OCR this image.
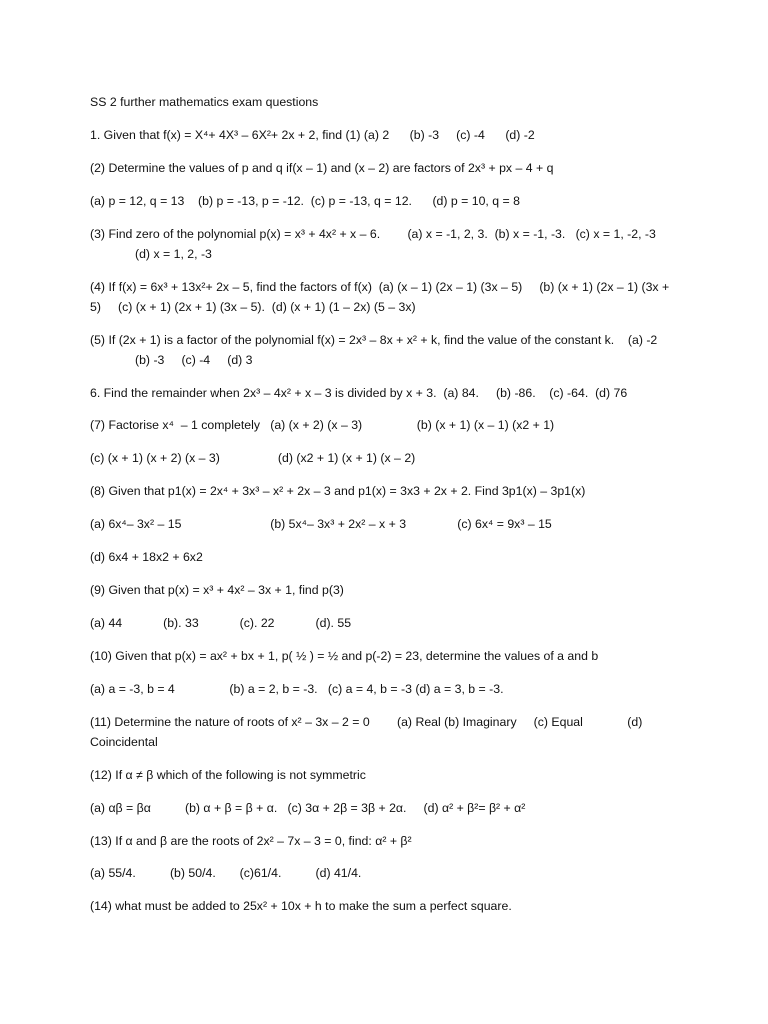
SS 2 further mathematics exam questions
1. Given that f(x) = X⁴+ 4X³ – 6X²+ 2x + 2, find (1) (a) 2      (b) -3     (c) -4      (d) -2
(2) Determine the values of p and q if(x – 1) and (x – 2) are factors of 2x³ + px – 4 + q
(a) p = 12, q = 13    (b) p = -13, p = -12.  (c) p = -13, q = 12.      (d) p = 10, q = 8
(3) Find zero of the polynomial p(x) = x³ + 4x² + x – 6.        (a) x = -1, 2, 3.  (b) x = -1, -3.   (c) x = 1, -2, -3
(d) x = 1, 2, -3
(4) If f(x) = 6x³ + 13x²+ 2x – 5, find the factors of f(x)  (a) (x – 1) (2x – 1) (3x – 5)     (b) (x + 1) (2x – 1) (3x +
5)     (c) (x + 1) (2x + 1) (3x – 5).  (d) (x + 1) (1 – 2x) (5 – 3x)
(5) If (2x + 1) is a factor of the polynomial f(x) = 2x³ – 8x + x² + k, find the value of the constant k.    (a) -2
(b) -3     (c) -4     (d) 3
6. Find the remainder when 2x³ – 4x² + x – 3 is divided by x + 3.  (a) 84.     (b) -86.    (c) -64.  (d) 76
(7) Factorise x⁴  – 1 completely   (a) (x + 2) (x – 3)                (b) (x + 1) (x – 1) (x2 + 1)
(c) (x + 1) (x + 2) (x – 3)                 (d) (x2 + 1) (x + 1) (x – 2)
(8) Given that p1(x) = 2x⁴ + 3x³ – x² + 2x – 3 and p1(x) = 3x3 + 2x + 2. Find 3p1(x) – 3p1(x)
(a) 6x⁴– 3x² – 15                          (b) 5x⁴– 3x³ + 2x² – x + 3               (c) 6x⁴ = 9x³ – 15
(d) 6x4 + 18x2 + 6x2
(9) Given that p(x) = x³ + 4x² – 3x + 1, find p(3)
(a) 44            (b). 33            (c). 22            (d). 55
(10) Given that p(x) = ax² + bx + 1, p( ½ ) = ½ and p(-2) = 23, determine the values of a and b
(a) a = -3, b = 4                (b) a = 2, b = -3.   (c) a = 4, b = -3 (d) a = 3, b = -3.
(11) Determine the nature of roots of x² – 3x – 2 = 0        (a) Real (b) Imaginary     (c) Equal             (d)
Coincidental
(12) If α ≠ β which of the following is not symmetric
(a) αβ = βα          (b) α + β = β + α.   (c) 3α + 2β = 3β + 2α.     (d) α² + β²= β² + α²
(13) If α and β are the roots of 2x² – 7x – 3 = 0, find: α² + β²
(a) 55/4.          (b) 50/4.       (c)61/4.          (d) 41/4.
(14) what must be added to 25x² + 10x + h to make the sum a perfect square.
